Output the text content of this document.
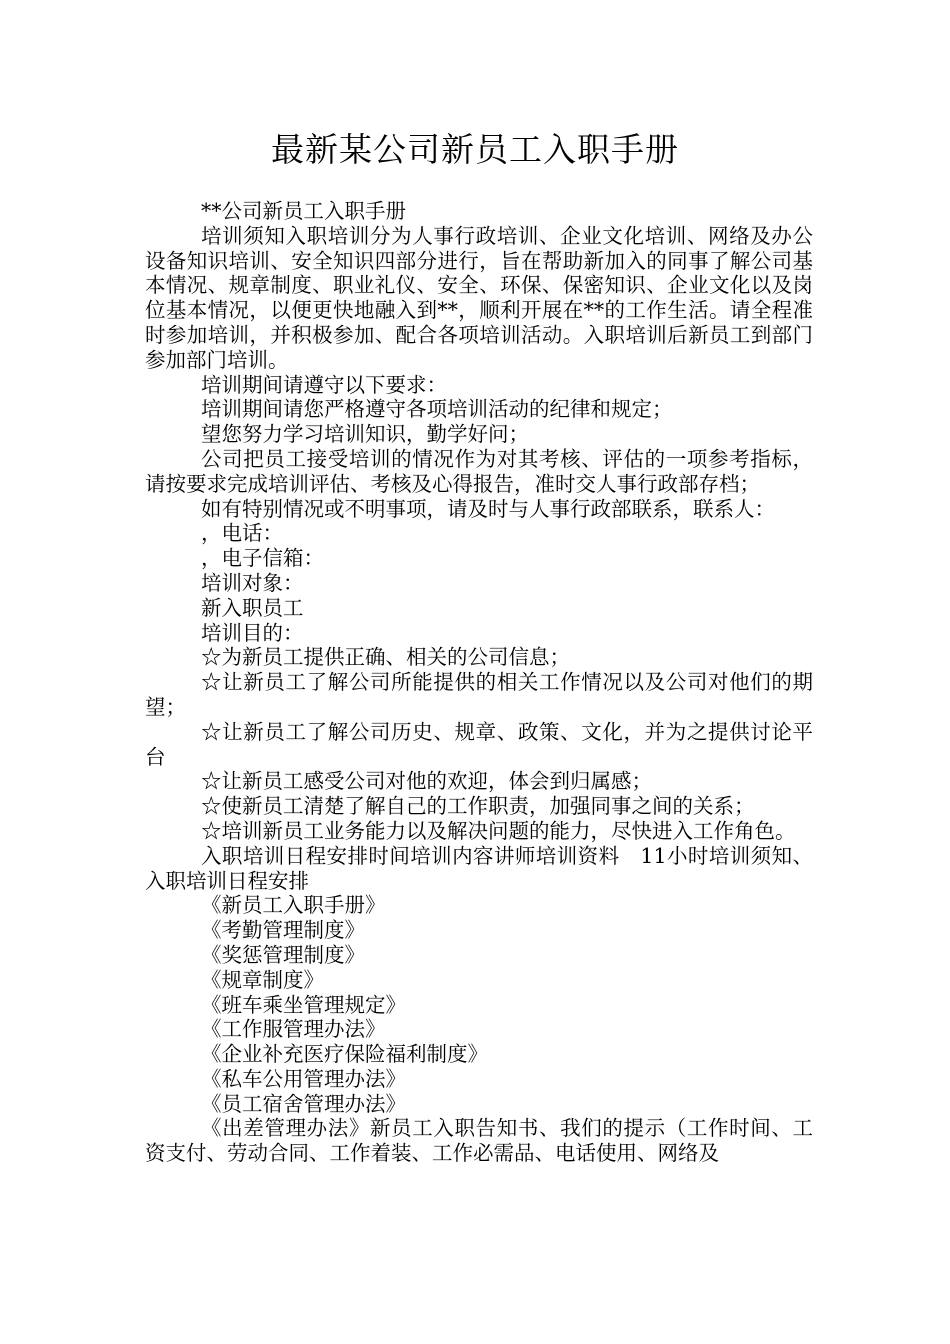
最新某公司新员工入职手册

**公司新员工入职手册

培训须知入职培训分为人事行政培训、企业文化培训、网络及办公设备知识培训、安全知识四部分进行，旨在帮助新加入的同事了解公司基本情况、规章制度、职业礼仪、安全、环保、保密知识、企业文化以及岗位基本情况，以便更快地融入到**，顺利开展在**的工作生活。请全程准时参加培训，并积极参加、配合各项培训活动。入职培训后新员工到部门参加部门培训。

培训期间请遵守以下要求：

培训期间请您严格遵守各项培训活动的纪律和规定；

望您努力学习培训知识，勤学好问；

公司把员工接受培训的情况作为对其考核、评估的一项参考指标，请按要求完成培训评估、考核及心得报告，准时交人事行政部存档；

如有特别情况或不明事项，请及时与人事行政部联系，联系人：

，电话：

，电子信箱：

培训对象：

新入职员工

培训目的：

☆为新员工提供正确、相关的公司信息；

☆让新员工了解公司所能提供的相关工作情况以及公司对他们的期望；

☆让新员工了解公司历史、规章、政策、文化，并为之提供讨论平台

☆让新员工感受公司对他的欢迎，体会到归属感；

☆使新员工清楚了解自己的工作职责，加强同事之间的关系；

☆培训新员工业务能力以及解决问题的能力，尽快进入工作角色。

入职培训日程安排时间培训内容讲师培训资料　11小时培训须知、入职培训日程安排

《新员工入职手册》

《考勤管理制度》

《奖惩管理制度》

《规章制度》

《班车乘坐管理规定》

《工作服管理办法》

《企业补充医疗保险福利制度》

《私车公用管理办法》

《员工宿舍管理办法》

《出差管理办法》新员工入职告知书、我们的提示（工作时间、工资支付、劳动合同、工作着装、工作必需品、电话使用、网络及
